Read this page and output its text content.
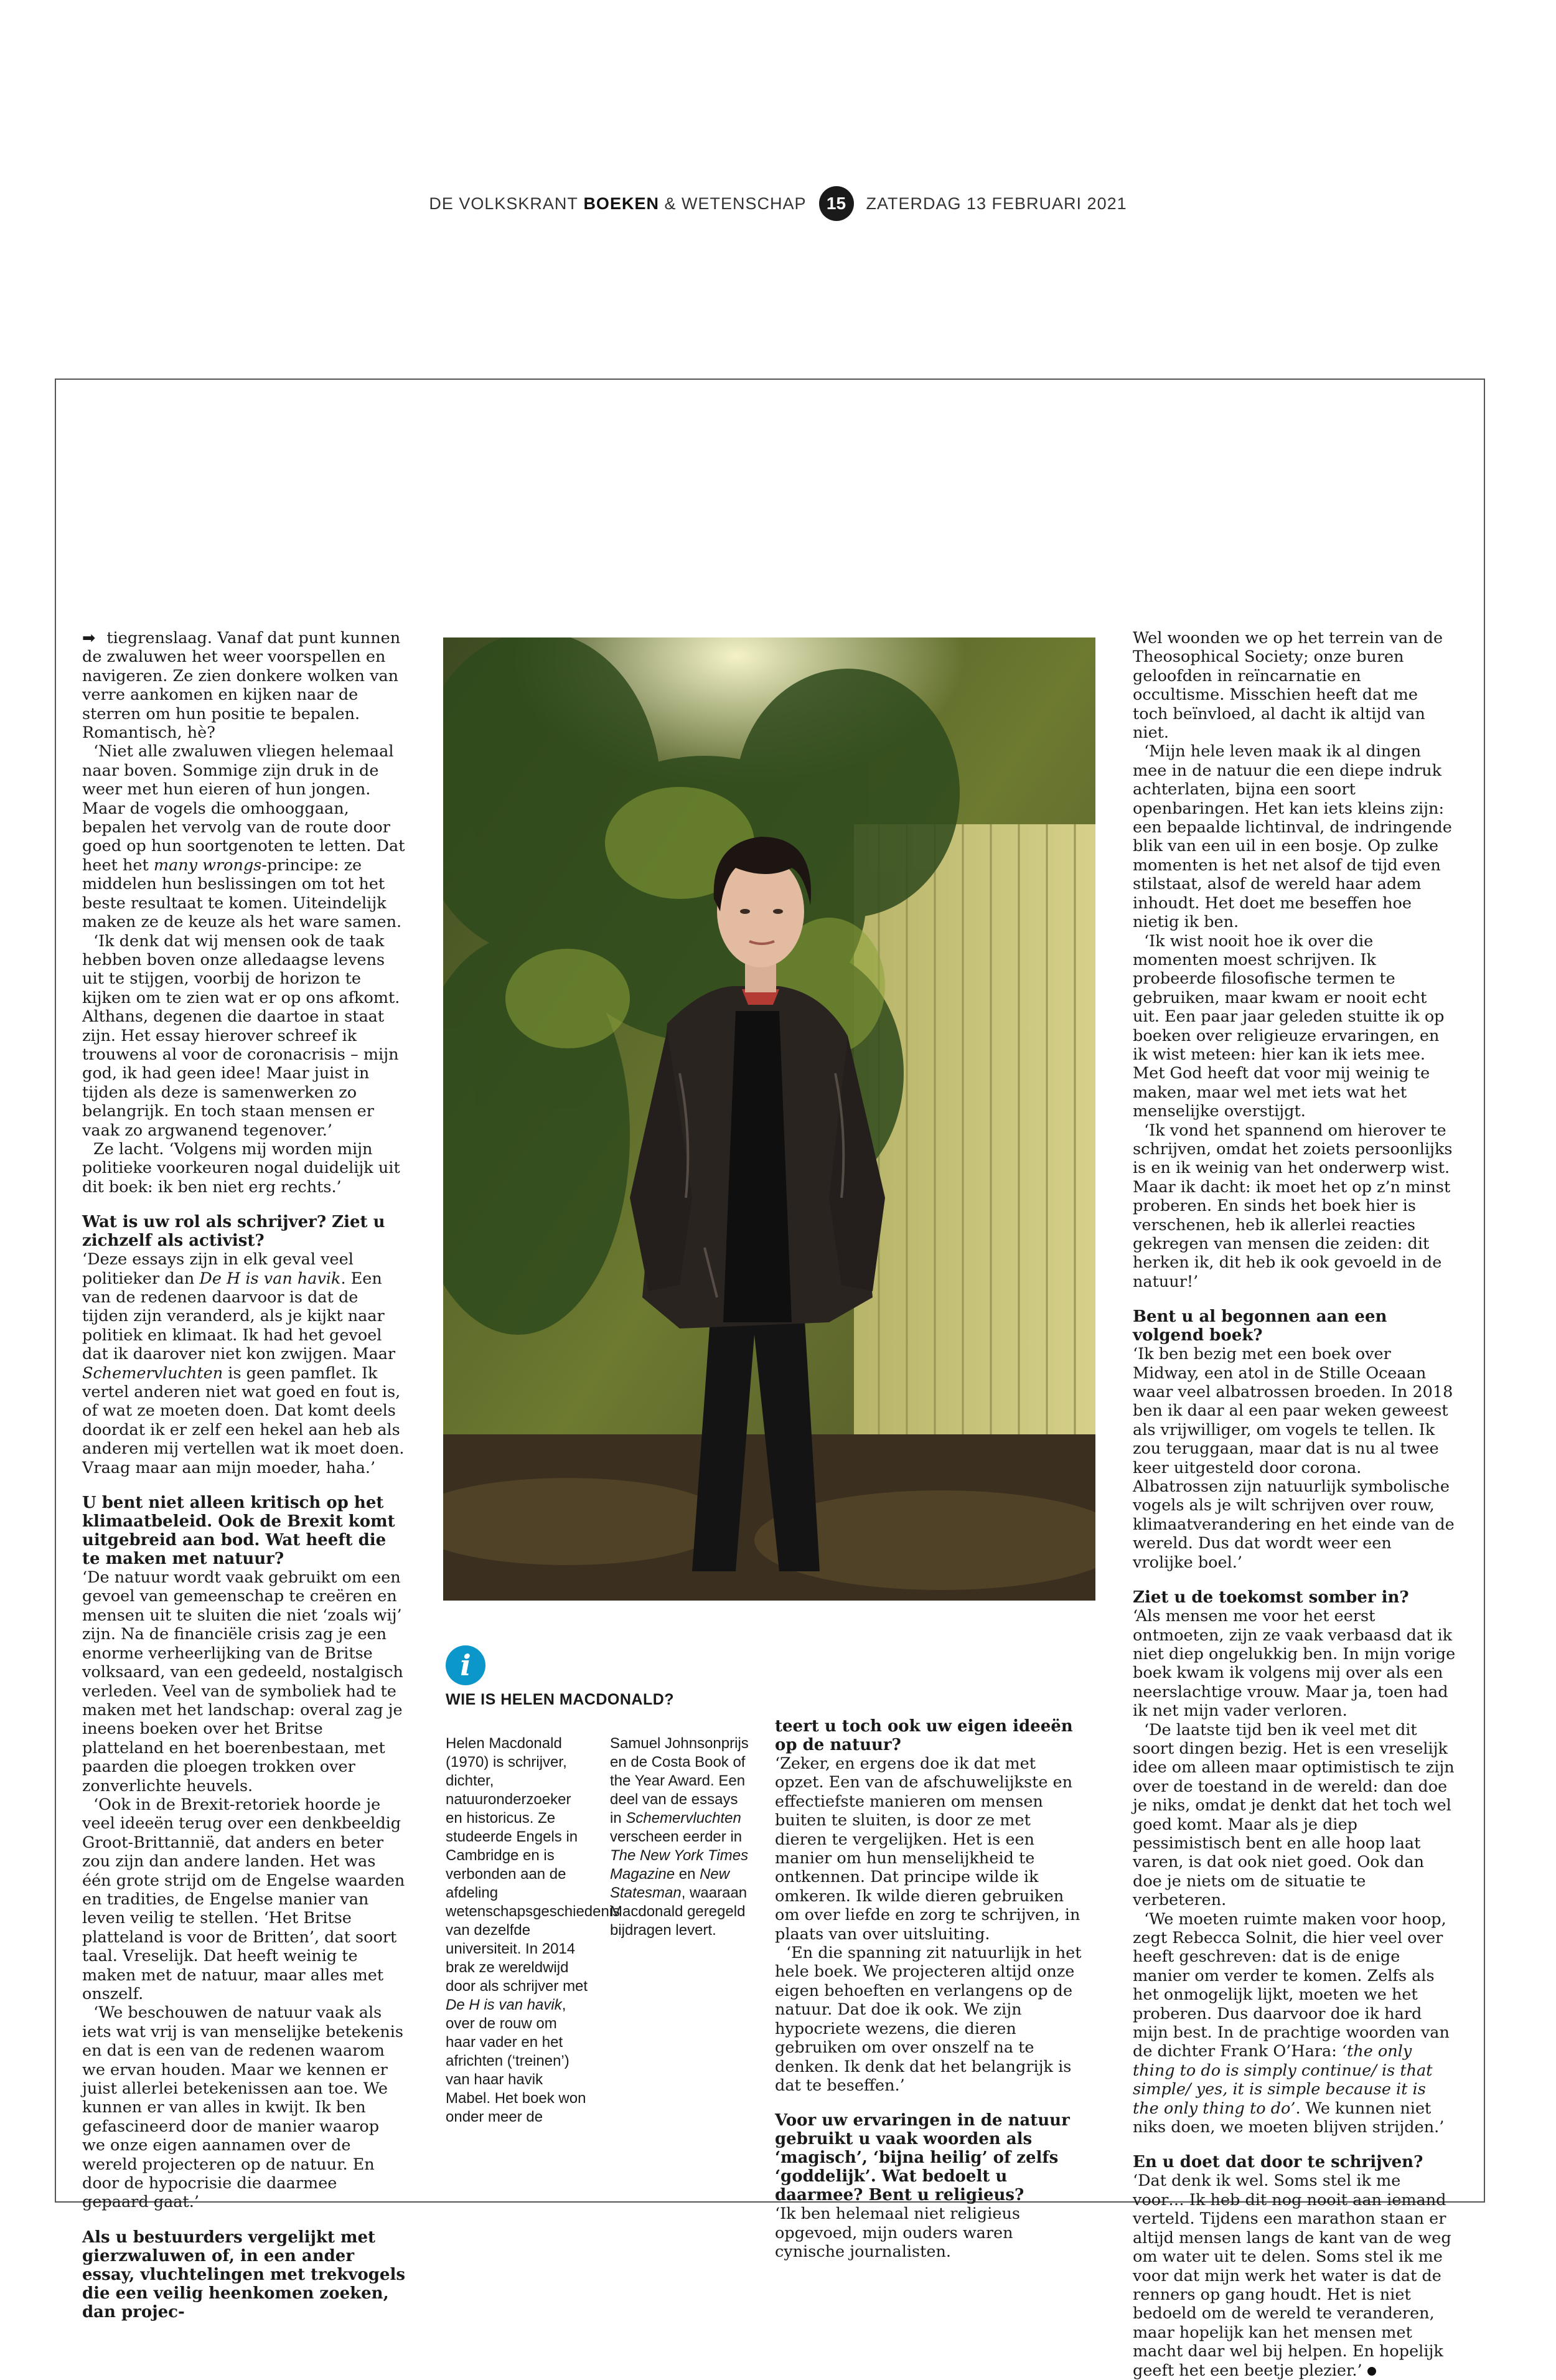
DE VOLKSKRANT
BOEKEN
& WETENSCHAP	15	ZATERDAG 13 FEBRUARI 2021

➡ tiegrenslaag. Vanaf dat punt kunnen de zwaluwen het weer voorspellen en navigeren. Ze zien donkere wolken van verre aankomen en kijken naar de sterren om hun positie te bepalen. Romantisch, hè?

‘Niet alle zwaluwen vliegen helemaal naar boven. Sommige zijn druk in de weer met hun eieren of hun jongen. Maar de vogels die omhooggaan, bepalen het vervolg van de route door goed op hun soortgenoten te letten. Dat heet het many wrongs-principe: ze middelen hun beslissingen om tot het beste resultaat te komen. Uiteindelijk maken ze de keuze als het ware samen.

‘Ik denk dat wij mensen ook de taak hebben boven onze alledaagse levens uit te stijgen, voorbij de horizon te kijken om te zien wat er op ons afkomt. Althans, degenen die daartoe in staat zijn. Het essay hierover schreef ik trouwens al voor de coronacrisis – mijn god, ik had geen idee! Maar juist in tijden als deze is samenwerken zo belangrijk. En toch staan mensen er vaak zo argwanend tegenover.’

Ze lacht. ‘Volgens mij worden mijn politieke voorkeuren nogal duidelijk uit dit boek: ik ben niet erg rechts.’

Wat is uw rol als schrijver? Ziet u zichzelf als activist?

‘Deze essays zijn in elk geval veel politieker dan De H is van havik. Een van de redenen daarvoor is dat de tijden zijn veranderd, als je kijkt naar politiek en klimaat. Ik had het gevoel dat ik daarover niet kon zwijgen. Maar Schemervluchten is geen pamflet. Ik vertel anderen niet wat goed en fout is, of wat ze moeten doen. Dat komt deels doordat ik er zelf een hekel aan heb als anderen mij vertellen wat ik moet doen. Vraag maar aan mijn moeder, haha.’

U bent niet alleen kritisch op het klimaatbeleid. Ook de Brexit komt uitgebreid aan bod. Wat heeft die te maken met natuur?

‘De natuur wordt vaak gebruikt om een gevoel van gemeenschap te creëren en mensen uit te sluiten die niet ‘zoals wij’ zijn. Na de financiële crisis zag je een enorme verheerlijking van de Britse volksaard, van een gedeeld, nostalgisch verleden. Veel van de symboliek had te maken met het landschap: overal zag je ineens boeken over het Britse platteland en het boerenbestaan, met paarden die ploegen trokken over zonverlichte heuvels.

‘Ook in de Brexit-retoriek hoorde je veel ideeën terug over een denkbeeldig Groot-Brittannië, dat anders en beter zou zijn dan andere landen. Het was één grote strijd om de Engelse waarden en tradities, de Engelse manier van leven veilig te stellen. ‘Het Britse platteland is voor de Britten’, dat soort taal. Vreselijk. Dat heeft weinig te maken met de natuur, maar alles met onszelf.

‘We beschouwen de natuur vaak als iets wat vrij is van menselijke betekenis en dat is een van de redenen waarom we ervan houden. Maar we kennen er juist allerlei betekenissen aan toe. We kunnen er van alles in kwijt. Ik ben gefascineerd door de manier waarop we onze eigen aannamen over de wereld projecteren op de natuur. En door de hypocrisie die daarmee gepaard gaat.’

Als u bestuurders vergelijkt met gierzwaluwen of, in een ander essay, vluchtelingen met trekvogels die een veilig heenkomen zoeken, dan projec-
i
WIE IS HELEN MACDONALD?
Helen Macdonald (1970) is schrijver, dichter, natuuronderzoeker en historicus. Ze studeerde Engels in Cambridge en is verbonden aan de afdeling wetenschapsgeschiedenis van dezelfde universiteit. In 2014 brak ze wereldwijd door als schrijver met De H is van havik, over de rouw om haar vader en het africhten (‘treinen’) van haar havik Mabel. Het boek won onder meer de
Samuel Johnsonprijs en de Costa Book of the Year Award. Een deel van de essays in Schemervluchten verscheen eerder in The New York Times Magazine en New Statesman, waaraan Macdonald geregeld bijdragen levert.
teert u toch ook uw eigen ideeën op de natuur?

‘Zeker, en ergens doe ik dat met opzet. Een van de afschuwelijkste en effectiefste manieren om mensen buiten te sluiten, is door ze met dieren te vergelijken. Het is een manier om hun menselijkheid te ontkennen. Dat principe wilde ik omkeren. Ik wilde dieren gebruiken om over liefde en zorg te schrijven, in plaats van over uitsluiting.

‘En die spanning zit natuurlijk in het hele boek. We projecteren altijd onze eigen behoeften en verlangens op de natuur. Dat doe ik ook. We zijn hypocriete wezens, die dieren gebruiken om over onszelf na te denken. Ik denk dat het belangrijk is dat te beseffen.’

Voor uw ervaringen in de natuur gebruikt u vaak woorden als ‘magisch’, ‘bijna heilig’ of zelfs ‘goddelijk’. Wat bedoelt u daarmee? Bent u religieus?

‘Ik ben helemaal niet religieus opgevoed, mijn ouders waren cynische journalisten.

Wel woonden we op het terrein van de Theosophical Society; onze buren geloofden in reïncarnatie en occultisme. Misschien heeft dat me toch beïnvloed, al dacht ik altijd van niet.

‘Mijn hele leven maak ik al dingen mee in de natuur die een diepe indruk achterlaten, bijna een soort openbaringen. Het kan iets kleins zijn: een bepaalde lichtinval, de indringende blik van een uil in een bosje. Op zulke momenten is het net alsof de tijd even stilstaat, alsof de wereld haar adem inhoudt. Het doet me beseffen hoe nietig ik ben.

‘Ik wist nooit hoe ik over die momenten moest schrijven. Ik probeerde filosofische termen te gebruiken, maar kwam er nooit echt uit. Een paar jaar geleden stuitte ik op boeken over religieuze ervaringen, en ik wist meteen: hier kan ik iets mee. Met God heeft dat voor mij weinig te maken, maar wel met iets wat het menselijke overstijgt.

‘Ik vond het spannend om hierover te schrijven, omdat het zoiets persoonlijks is en ik weinig van het onderwerp wist. Maar ik dacht: ik moet het op z’n minst proberen. En sinds het boek hier is verschenen, heb ik allerlei reacties gekregen van mensen die zeiden: dit herken ik, dit heb ik ook gevoeld in de natuur!’

Bent u al begonnen aan een volgend boek?

‘Ik ben bezig met een boek over Midway, een atol in de Stille Oceaan waar veel albatrossen broeden. In 2018 ben ik daar al een paar weken geweest als vrijwilliger, om vogels te tellen. Ik zou teruggaan, maar dat is nu al twee keer uitgesteld door corona. Albatrossen zijn natuurlijk symbolische vogels als je wilt schrijven over rouw, klimaatverandering en het einde van de wereld. Dus dat wordt weer een vrolijke boel.’

Ziet u de toekomst somber in?

‘Als mensen me voor het eerst ontmoeten, zijn ze vaak verbaasd dat ik niet diep ongelukkig ben. In mijn vorige boek kwam ik volgens mij over als een neerslachtige vrouw. Maar ja, toen had ik net mijn vader verloren.

‘De laatste tijd ben ik veel met dit soort dingen bezig. Het is een vreselijk idee om alleen maar optimistisch te zijn over de toestand in de wereld: dan doe je niks, omdat je denkt dat het toch wel goed komt. Maar als je diep pessimistisch bent en alle hoop laat varen, is dat ook niet goed. Ook dan doe je niets om de situatie te verbeteren.

‘We moeten ruimte maken voor hoop, zegt Rebecca Solnit, die hier veel over heeft geschreven: dat is de enige manier om verder te komen. Zelfs als het onmogelijk lijkt, moeten we het proberen. Dus daarvoor doe ik hard mijn best. In de prachtige woorden van de dichter Frank O’Hara: ‘the only thing to do is simply continue/ is that simple/ yes, it is simple because it is the only thing to do’. We kunnen niet niks doen, we moeten blijven strijden.’

En u doet dat door te schrijven?

‘Dat denk ik wel. Soms stel ik me voor… Ik heb dit nog nooit aan iemand verteld. Tijdens een marathon staan er altijd mensen langs de kant van de weg om water uit te delen. Soms stel ik me voor dat mijn werk het water is dat de renners op gang houdt. Het is niet bedoeld om de wereld te veranderen, maar hopelijk kan het mensen met macht daar wel bij helpen. En hopelijk geeft het een beetje plezier.’
